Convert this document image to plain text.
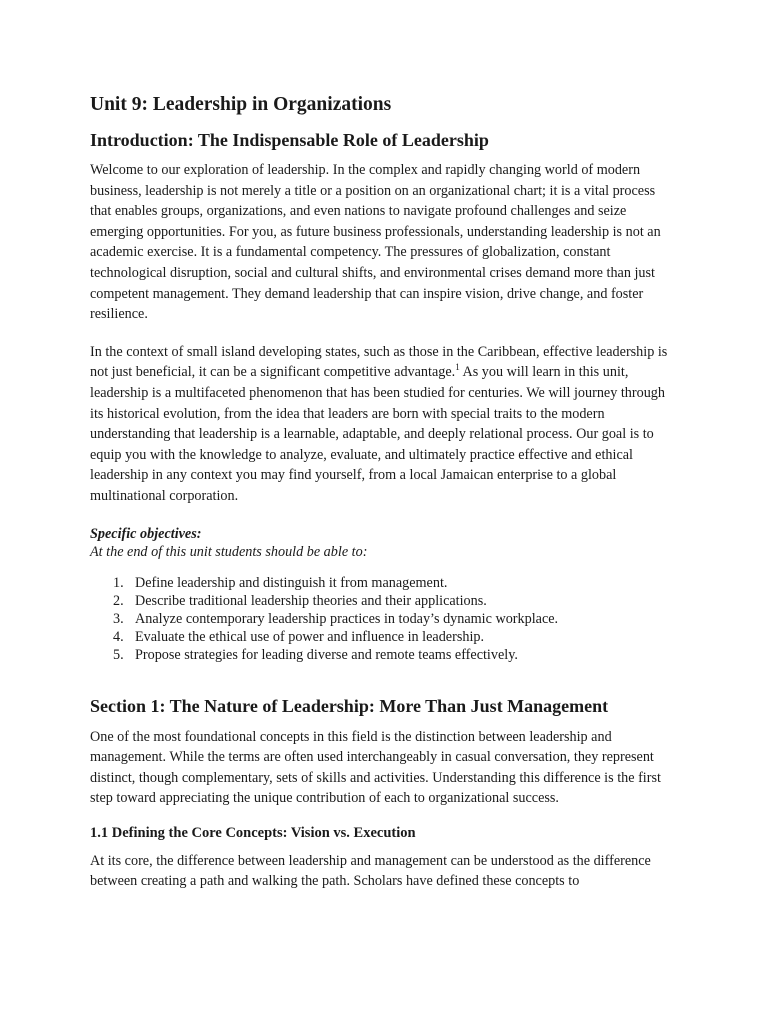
Unit 9: Leadership in Organizations
Introduction: The Indispensable Role of Leadership

Welcome to our exploration of leadership. In the complex and rapidly changing world of modern business, leadership is not merely a title or a position on an organizational chart; it is a vital process that enables groups, organizations, and even nations to navigate profound challenges and seize emerging opportunities. For you, as future business professionals, understanding leadership is not an academic exercise. It is a fundamental competency. The pressures of globalization, constant technological disruption, social and cultural shifts, and environmental crises demand more than just competent management. They demand leadership that can inspire vision, drive change, and foster resilience.

In the context of small island developing states, such as those in the Caribbean, effective leadership is not just beneficial, it can be a significant competitive advantage.$^1$ As you will learn in this unit, leadership is a multifaceted phenomenon that has been studied for centuries. We will journey through its historical evolution, from the idea that leaders are born with special traits to the modern understanding that leadership is a learnable, adaptable, and deeply relational process. Our goal is to equip you with the knowledge to analyze, evaluate, and ultimately practice effective and ethical leadership in any context you may find yourself, from a local Jamaican enterprise to a global multinational corporation.

Specific objectives:

At the end of this unit students should be able to:

1. Define leadership and distinguish it from management.
2. Describe traditional leadership theories and their applications.
3. Analyze contemporary leadership practices in today’s dynamic workplace.
4. Evaluate the ethical use of power and influence in leadership.
5. Propose strategies for leading diverse and remote teams effectively.
Section 1: The Nature of Leadership: More Than Just Management

One of the most foundational concepts in this field is the distinction between leadership and management. While the terms are often used interchangeably in casual conversation, they represent distinct, though complementary, sets of skills and activities. Understanding this difference is the first step toward appreciating the unique contribution of each to organizational success.

1.1 Defining the Core Concepts: Vision vs. Execution

At its core, the difference between leadership and management can be understood as the difference between creating a path and walking the path. Scholars have defined these concepts to
